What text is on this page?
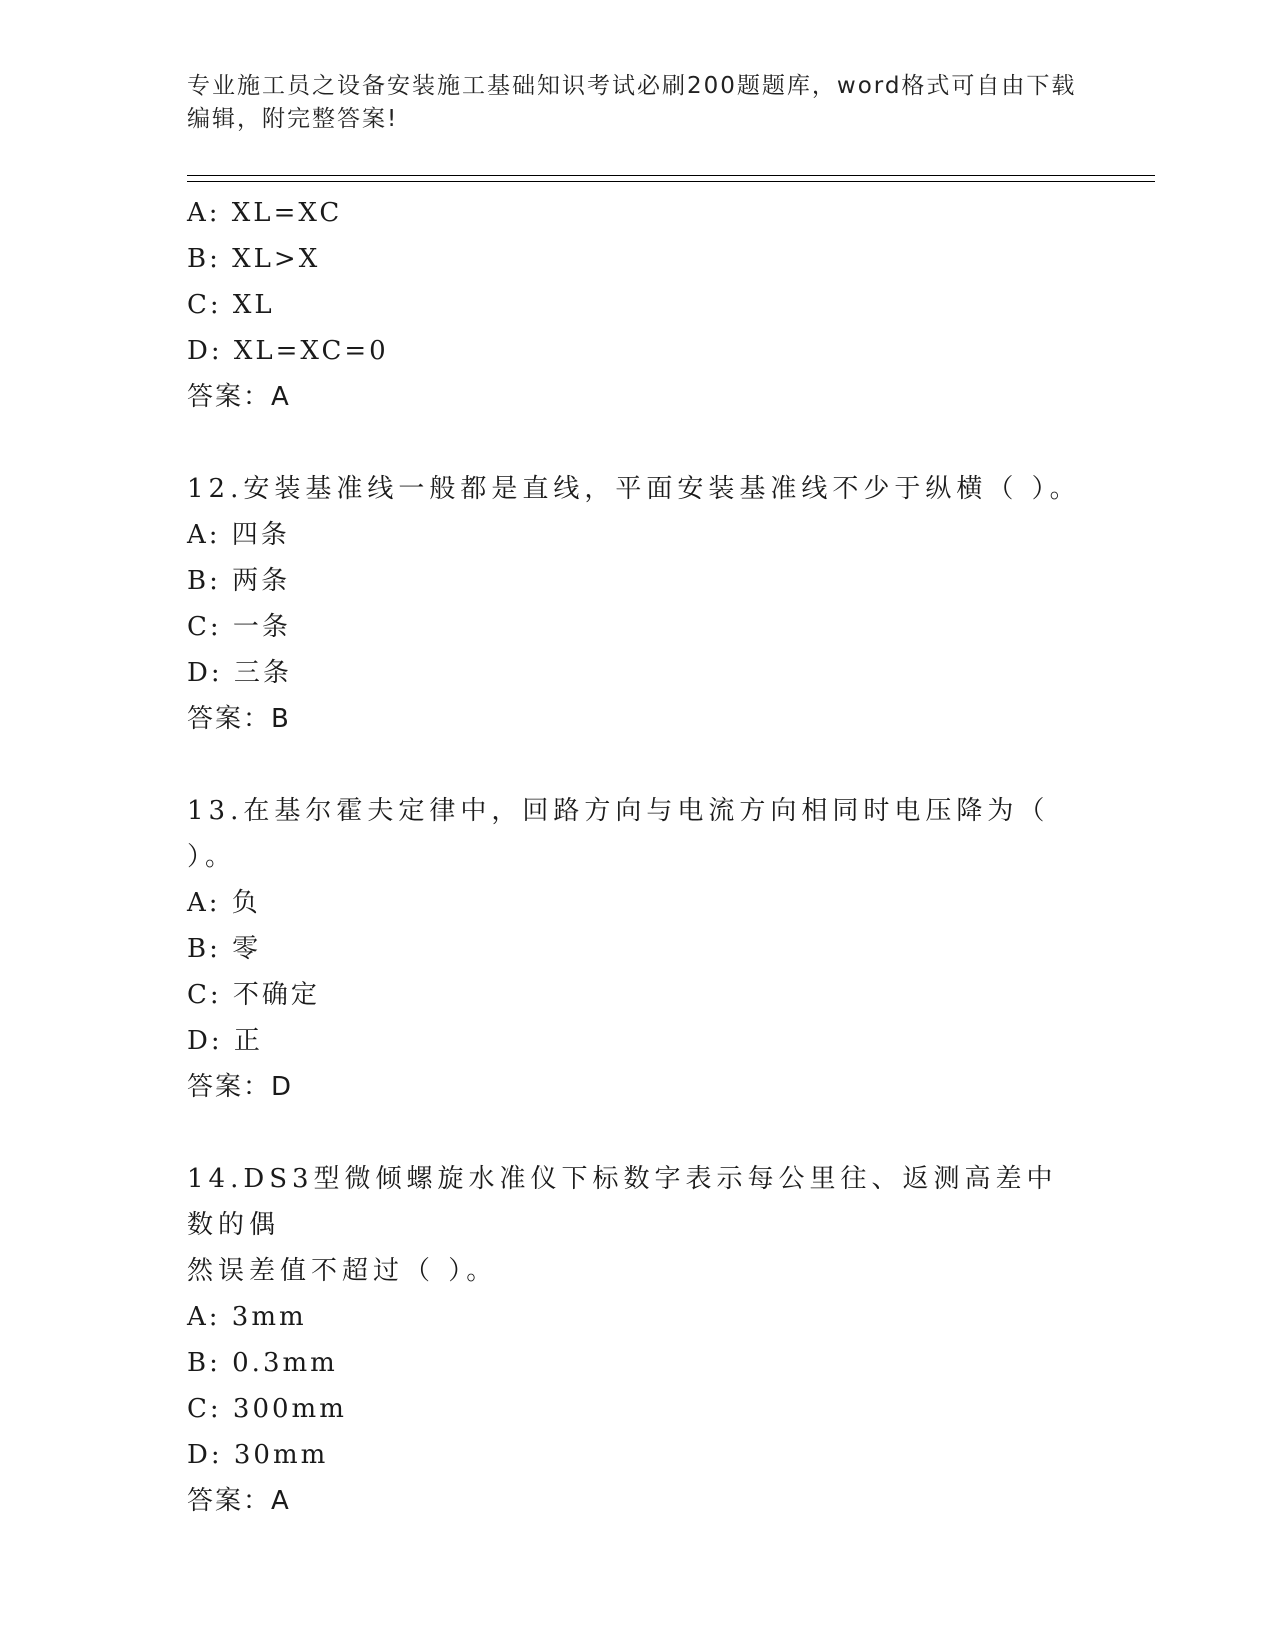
专业施工员之设备安装施工基础知识考试必刷200题题库，word格式可自由下载
编辑，附完整答案!
A: XL=XC
B: XL>X
C: XL
D: XL=XC=0
答案：A
12.安装基准线一般都是直线，平面安装基准线不少于纵横（ ）。
A: 四条
B: 两条
C: 一条
D: 三条
答案：B
13.在基尔霍夫定律中，回路方向与电流方向相同时电压降为（ ）。
A: 负
B: 零
C: 不确定
D: 正
答案：D
14.DS3型微倾螺旋水准仪下标数字表示每公里往、返测高差中数的偶
然误差值不超过（ ）。
A: 3mm
B: 0.3mm
C: 300mm
D: 30mm
答案：A
